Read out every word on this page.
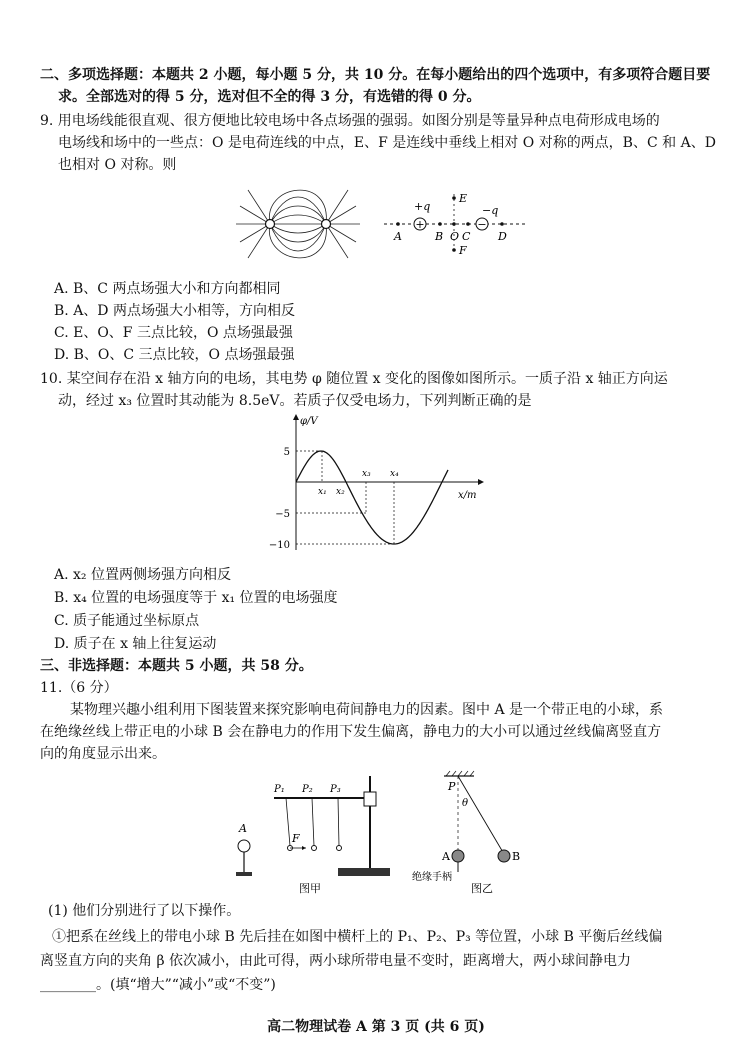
二、多项选择题：本题共 2 小题，每小题 5 分，共 10 分。在每小题给出的四个选项中，有多项符合题目要
求。全部选对的得 5 分，选对但不全的得 3 分，有选错的得 0 分。
9. 用电场线能很直观、很方便地比较电场中各点场强的强弱。如图分别是等量异种点电荷形成电场的
电场线和场中的一些点：O 是电荷连线的中点，E、F 是连线中垂线上相对 O 对称的两点，B、C 和 A、D
也相对 O 对称。则
+	−
+q	−q
E
F
A	B O C	D
A. B、C 两点场强大小和方向都相同
B. A、D 两点场强大小相等，方向相反
C. E、O、F 三点比较，O 点场强最强
D. B、O、C 三点比较，O 点场强最强
10. 某空间存在沿 x 轴方向的电场，其电势 φ 随位置 x 变化的图像如图所示。一质子沿 x 轴正方向运
动，经过 x₃ 位置时其动能为 8.5eV。若质子仅受电场力，下列判断正确的是
φ/V
x/m
5
−5
−10
x₁ x₂
x₃ x₄
A. x₂ 位置两侧场强方向相反
B. x₄ 位置的电场强度等于 x₁ 位置的电场强度
C. 质子能通过坐标原点
D. 质子在 x 轴上往复运动
三、非选择题：本题共 5 小题，共 58 分。
11.（6 分）
某物理兴趣小组利用下图装置来探究影响电荷间静电力的因素。图中 A 是一个带正电的小球，系
在绝缘丝线上带正电的小球 B 会在静电力的作用下发生偏离，静电力的大小可以通过丝线偏离竖直方
向的角度显示出来。
F
P₁ P₂ P₃
A
图甲
P
θ
A	B
绝缘手柄
图乙
(1) 他们分别进行了以下操作。
①把系在丝线上的带电小球 B 先后挂在如图中横杆上的 P₁、P₂、P₃ 等位置，小球 B 平衡后丝线偏
离竖直方向的夹角 β 依次减小，由此可得，两小球所带电量不变时，距离增大，两小球间静电力
________。(填“增大”“减小”或“不变”)
高二物理试卷 A 第 3 页 (共 6 页)
